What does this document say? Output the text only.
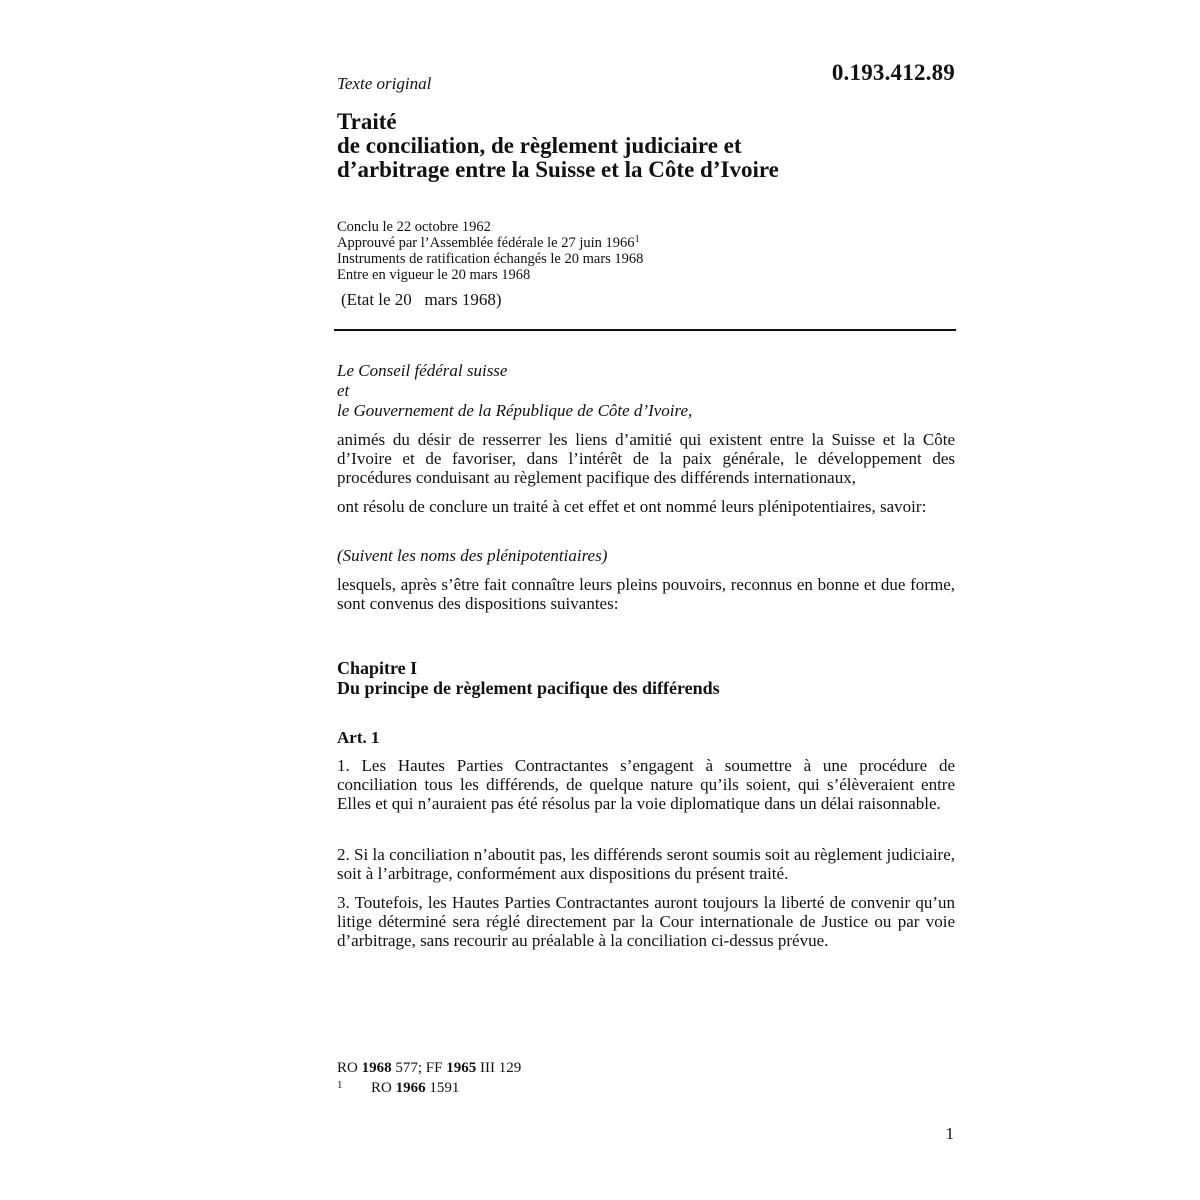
0.193.412.89
Texte original
Traité
de conciliation, de règlement judiciaire et
d’arbitrage entre la Suisse et la Côte d’Ivoire
Conclu le 22 octobre 1962
Approuvé par l’Assemblée fédérale le 27 juin 1966$^1$
Instruments de ratification échangés le 20 mars 1968
Entre en vigueur le 20 mars 1968
(Etat le 20   mars 1968)
Le Conseil fédéral suisse
et
le Gouvernement de la République de Côte d’Ivoire,

animés du désir de resserrer les liens d’amitié qui existent entre la Suisse et la Côte d’Ivoire et de favoriser, dans l’intérêt de la paix générale, le développement des procédures conduisant au règlement pacifique des différends internationaux,

ont résolu de conclure un traité à cet effet et ont nommé leurs plénipotentiaires, savoir:

(Suivent les noms des plénipotentiaires)

lesquels, après s’être fait connaître leurs pleins pouvoirs, reconnus en bonne et due forme, sont convenus des dispositions suivantes:

Chapitre I
Du principe de règlement pacifique des différends
Art. 1

1. Les Hautes Parties Contractantes s’engagent à soumettre à une procédure de conciliation tous les différends, de quelque nature qu’ils soient, qui s’élèveraient entre Elles et qui n’auraient pas été résolus par la voie diplomatique dans un délai raisonnable.

2. Si la conciliation n’aboutit pas, les différends seront soumis soit au règlement judiciaire, soit à l’arbitrage, conformément aux dispositions du présent traité.

3. Toutefois, les Hautes Parties Contractantes auront toujours la liberté de convenir qu’un litige déterminé sera réglé directement par la Cour internationale de Justice ou par voie d’arbitrage, sans recourir au préalable à la conciliation ci-dessus prévue.

RO 1968 577; FF 1965 III 129
1 RO 1966 1591
1
